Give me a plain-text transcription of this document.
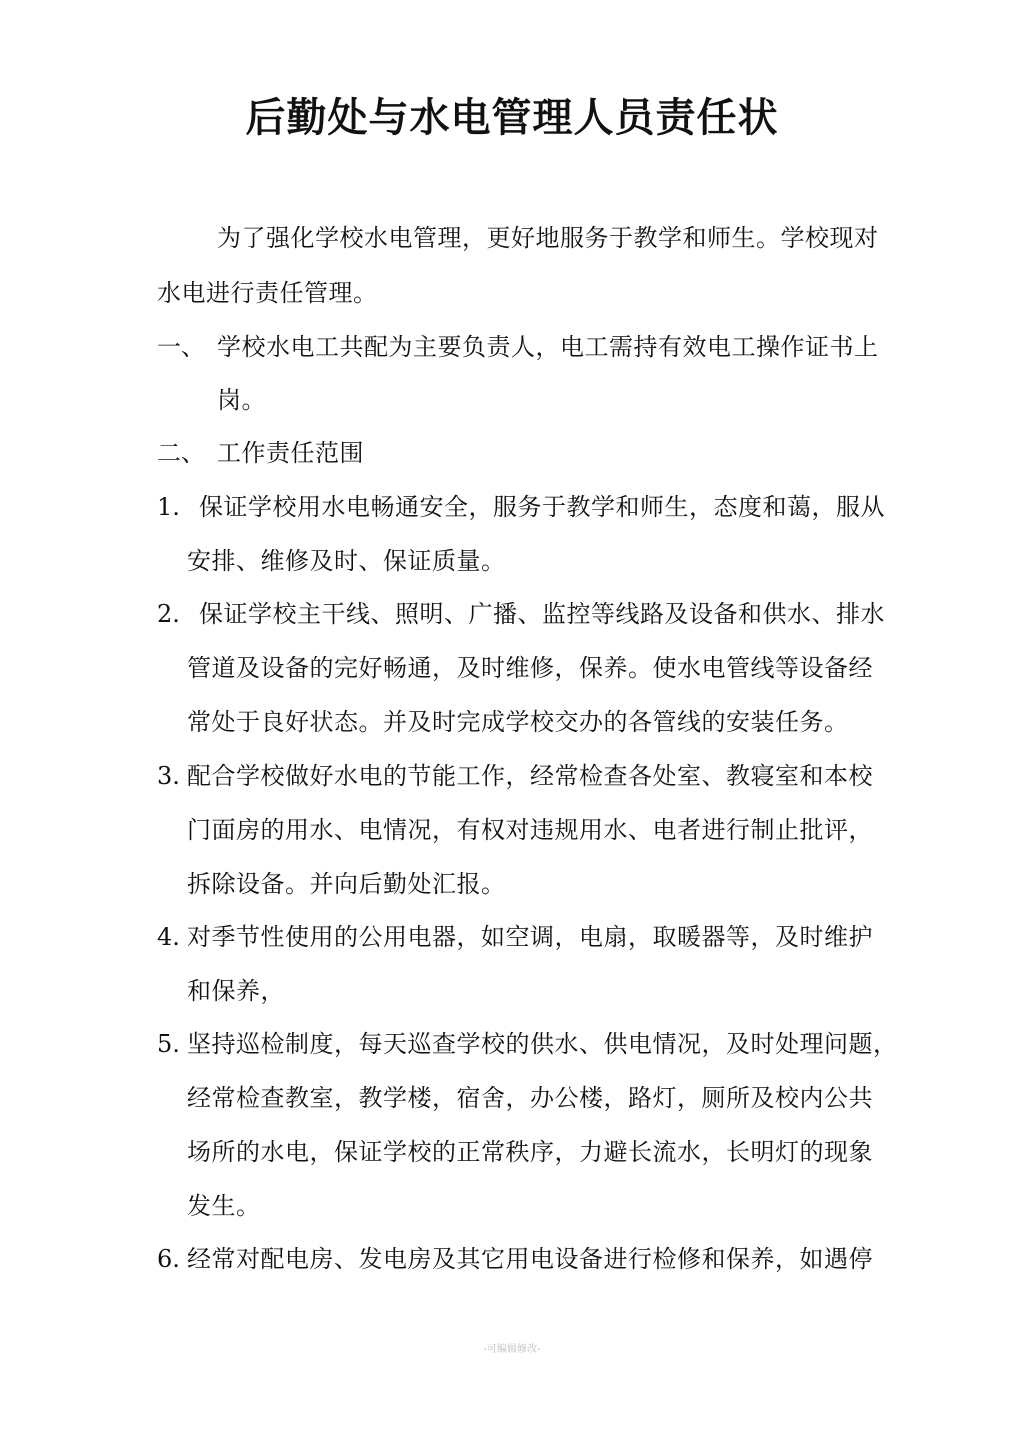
后勤处与水电管理人员责任状
为了强化学校水电管理，更好地服务于教学和师生。学校现对
水电进行责任管理。
一、 学校水电工共配为主要负责人，电工需持有效电工操作证书上
岗。
二、 工作责任范围
1. 保证学校用水电畅通安全，服务于教学和师生，态度和蔼，服从
安排、维修及时、保证质量。
2. 保证学校主干线、照明、广播、监控等线路及设备和供水、排水
管道及设备的完好畅通，及时维修，保养。使水电管线等设备经
常处于良好状态。并及时完成学校交办的各管线的安装任务。
3. 配合学校做好水电的节能工作，经常检查各处室、教寝室和本校
门面房的用水、电情况，有权对违规用水、电者进行制止批评，
拆除设备。并向后勤处汇报。
4. 对季节性使用的公用电器，如空调，电扇，取暖器等，及时维护
和保养，
5. 坚持巡检制度，每天巡查学校的供水、供电情况，及时处理问题，
经常检查教室，教学楼，宿舍，办公楼，路灯，厕所及校内公共
场所的水电，保证学校的正常秩序，力避长流水，长明灯的现象
发生。
6. 经常对配电房、发电房及其它用电设备进行检修和保养，如遇停
-可编辑修改-
